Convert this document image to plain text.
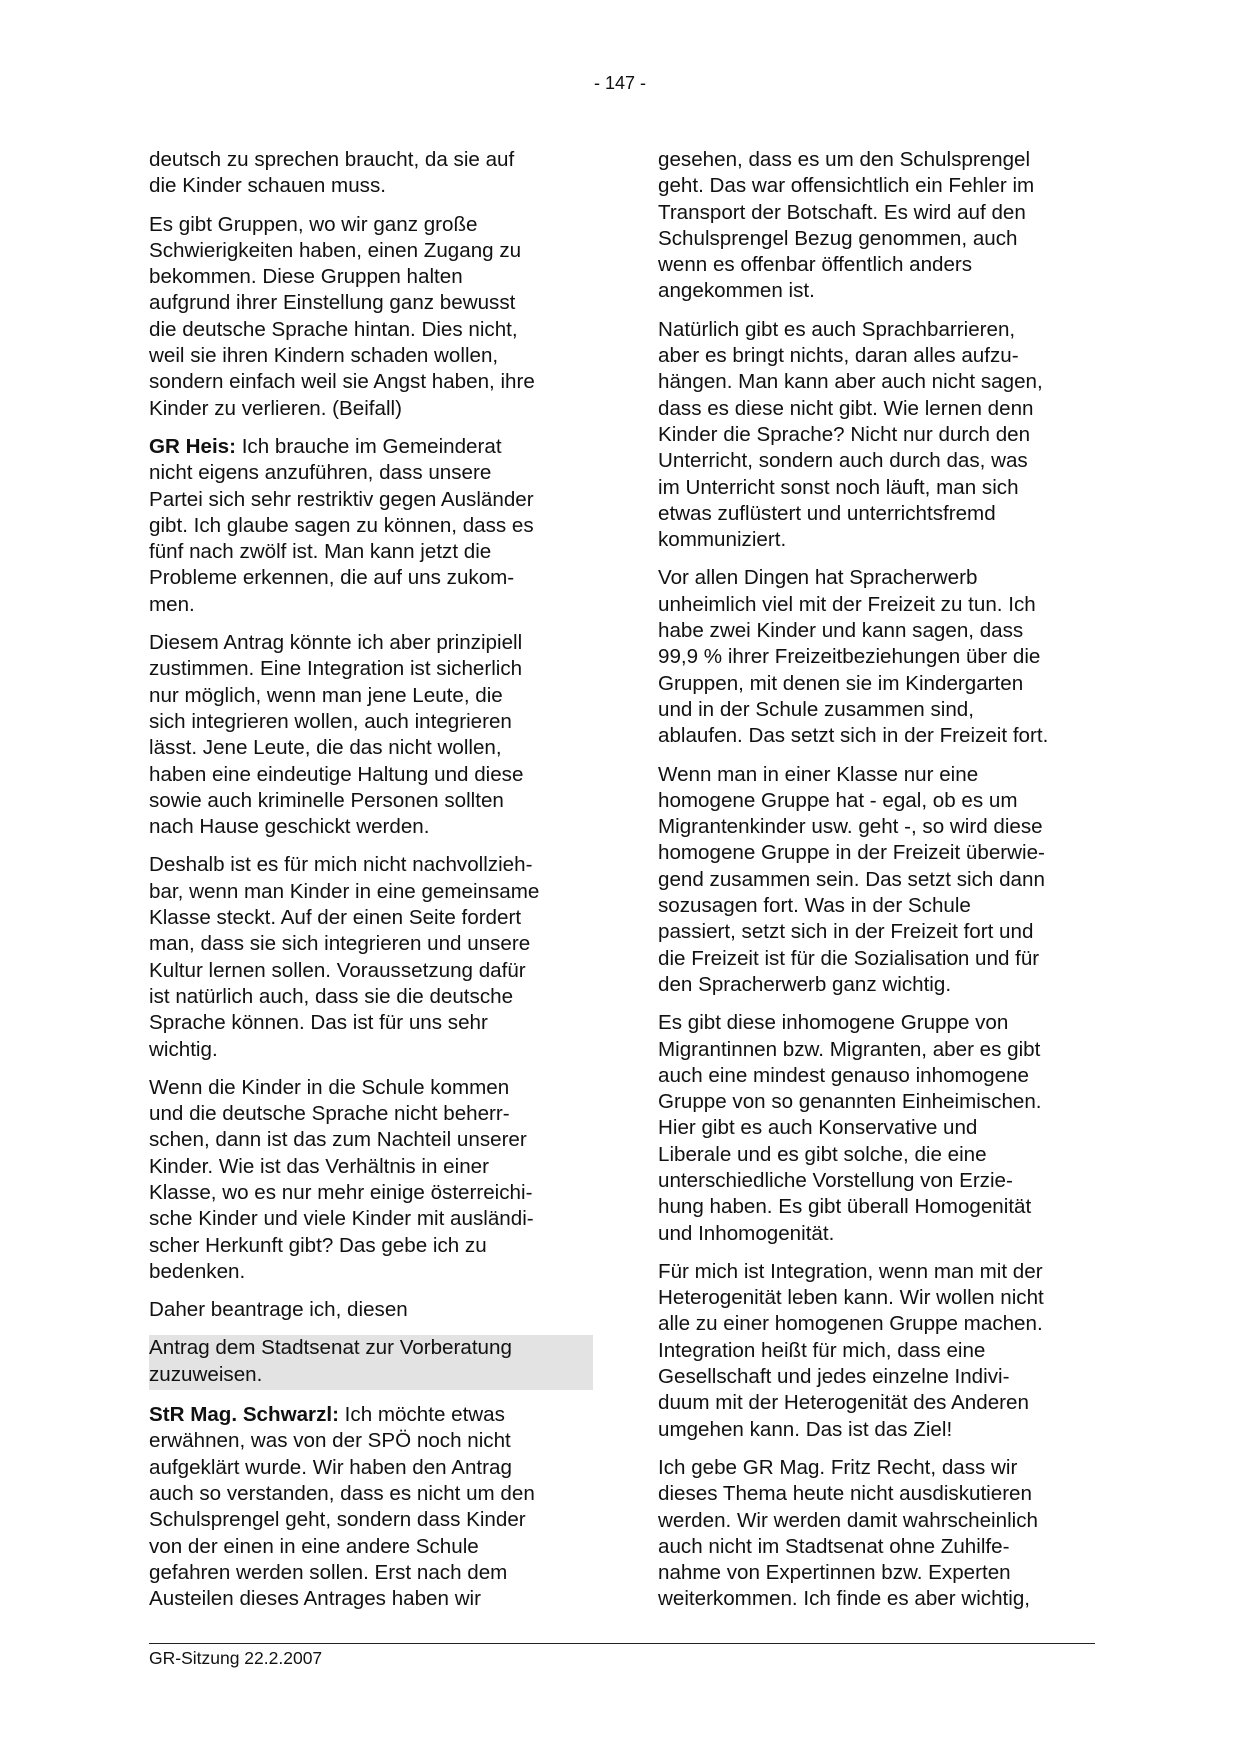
- 147 -

deutsch zu sprechen braucht, da sie auf
die Kinder schauen muss.

Es gibt Gruppen, wo wir ganz große
Schwierigkeiten haben, einen Zugang zu
bekommen. Diese Gruppen halten
aufgrund ihrer Einstellung ganz bewusst
die deutsche Sprache hintan. Dies nicht,
weil sie ihren Kindern schaden wollen,
sondern einfach weil sie Angst haben, ihre
Kinder zu verlieren. (Beifall)

GR Heis: Ich brauche im Gemeinderat
nicht eigens anzuführen, dass unsere
Partei sich sehr restriktiv gegen Ausländer
gibt. Ich glaube sagen zu können, dass es
fünf nach zwölf ist. Man kann jetzt die
Probleme erkennen, die auf uns zukom-
men.

Diesem Antrag könnte ich aber prinzipiell
zustimmen. Eine Integration ist sicherlich
nur möglich, wenn man jene Leute, die
sich integrieren wollen, auch integrieren
lässt. Jene Leute, die das nicht wollen,
haben eine eindeutige Haltung und diese
sowie auch kriminelle Personen sollten
nach Hause geschickt werden.

Deshalb ist es für mich nicht nachvollzieh-
bar, wenn man Kinder in eine gemeinsame
Klasse steckt. Auf der einen Seite fordert
man, dass sie sich integrieren und unsere
Kultur lernen sollen. Voraussetzung dafür
ist natürlich auch, dass sie die deutsche
Sprache können. Das ist für uns sehr
wichtig.

Wenn die Kinder in die Schule kommen
und die deutsche Sprache nicht beherr-
schen, dann ist das zum Nachteil unserer
Kinder. Wie ist das Verhältnis in einer
Klasse, wo es nur mehr einige österreichi-
sche Kinder und viele Kinder mit ausländi-
scher Herkunft gibt? Das gebe ich zu
bedenken.

Daher beantrage ich, diesen

Antrag dem Stadtsenat zur Vorberatung
zuzuweisen.

StR Mag. Schwarzl: Ich möchte etwas
erwähnen, was von der SPÖ noch nicht
aufgeklärt wurde. Wir haben den Antrag
auch so verstanden, dass es nicht um den
Schulsprengel geht, sondern dass Kinder
von der einen in eine andere Schule
gefahren werden sollen. Erst nach dem
Austeilen dieses Antrages haben wir

gesehen, dass es um den Schulsprengel
geht. Das war offensichtlich ein Fehler im
Transport der Botschaft. Es wird auf den
Schulsprengel Bezug genommen, auch
wenn es offenbar öffentlich anders
angekommen ist.

Natürlich gibt es auch Sprachbarrieren,
aber es bringt nichts, daran alles aufzu-
hängen. Man kann aber auch nicht sagen,
dass es diese nicht gibt. Wie lernen denn
Kinder die Sprache? Nicht nur durch den
Unterricht, sondern auch durch das, was
im Unterricht sonst noch läuft, man sich
etwas zuflüstert und unterrichtsfremd
kommuniziert.

Vor allen Dingen hat Spracherwerb
unheimlich viel mit der Freizeit zu tun. Ich
habe zwei Kinder und kann sagen, dass
99,9 % ihrer Freizeitbeziehungen über die
Gruppen, mit denen sie im Kindergarten
und in der Schule zusammen sind,
ablaufen. Das setzt sich in der Freizeit fort.

Wenn man in einer Klasse nur eine
homogene Gruppe hat - egal, ob es um
Migrantenkinder usw. geht -, so wird diese
homogene Gruppe in der Freizeit überwie-
gend zusammen sein. Das setzt sich dann
sozusagen fort. Was in der Schule
passiert, setzt sich in der Freizeit fort und
die Freizeit ist für die Sozialisation und für
den Spracherwerb ganz wichtig.

Es gibt diese inhomogene Gruppe von
Migrantinnen bzw. Migranten, aber es gibt
auch eine mindest genauso inhomogene
Gruppe von so genannten Einheimischen.
Hier gibt es auch Konservative und
Liberale und es gibt solche, die eine
unterschiedliche Vorstellung von Erzie-
hung haben. Es gibt überall Homogenität
und Inhomogenität.

Für mich ist Integration, wenn man mit der
Heterogenität leben kann. Wir wollen nicht
alle zu einer homogenen Gruppe machen.
Integration heißt für mich, dass eine
Gesellschaft und jedes einzelne Indivi-
duum mit der Heterogenität des Anderen
umgehen kann. Das ist das Ziel!

Ich gebe GR Mag. Fritz Recht, dass wir
dieses Thema heute nicht ausdiskutieren
werden. Wir werden damit wahrscheinlich
auch nicht im Stadtsenat ohne Zuhilfe-
nahme von Expertinnen bzw. Experten
weiterkommen. Ich finde es aber wichtig,

GR-Sitzung 22.2.2007
